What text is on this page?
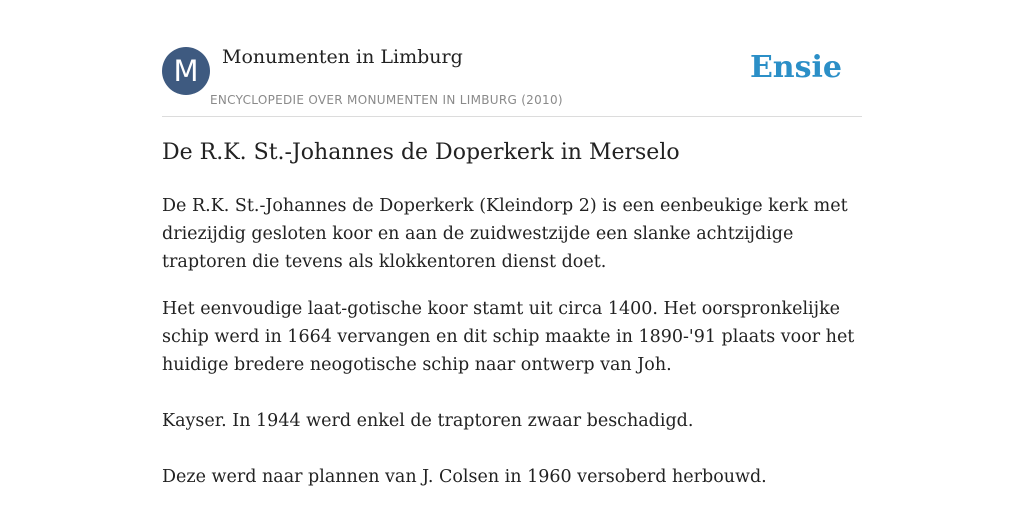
M	Monumenten in Limburg
ENCYCLOPEDIE OVER MONUMENTEN IN LIMBURG (2010)
Ensie
De R.K. St.-Johannes de Doperkerk in Merselo

De R.K. St.-Johannes de Doperkerk (Kleindorp 2) is een eenbeukige kerk met driezijdig gesloten koor en aan de zuidwestzijde een slanke achtzijdige traptoren die tevens als klokkentoren dienst doet.

Het eenvoudige laat-gotische koor stamt uit circa 1400. Het oorspronkelijke schip werd in 1664 vervangen en dit schip maakte in 1890-'91 plaats voor het huidige bredere neogotische schip naar ontwerp van Joh.

Kayser. In 1944 werd enkel de traptoren zwaar beschadigd.

Deze werd naar plannen van J. Colsen in 1960 versoberd herbouwd.
